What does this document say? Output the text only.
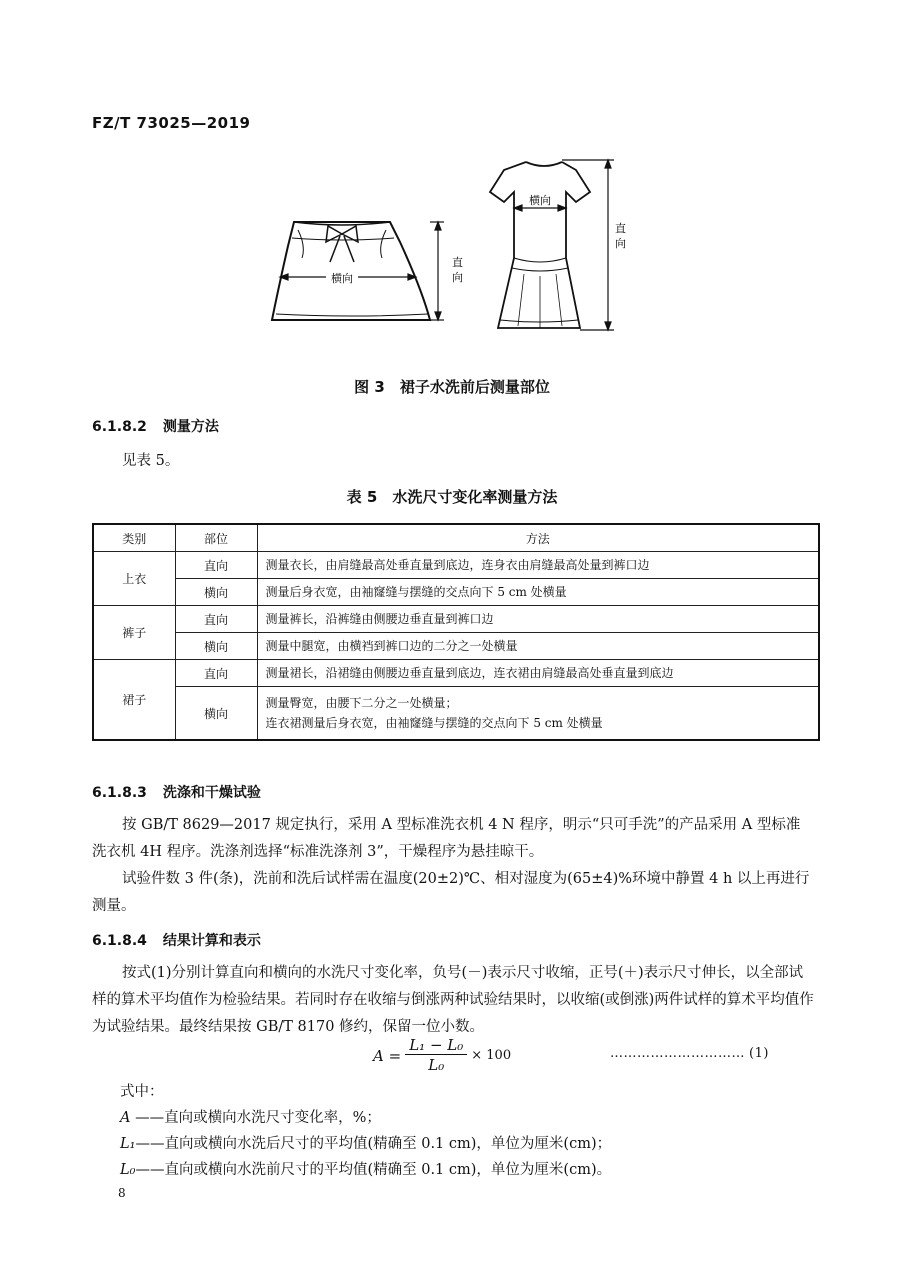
FZ/T 73025—2019
横向
直
向
横向
直
向
图 3　裙子水洗前后测量部位
6.1.8.2 测量方法
见表 5。
表 5　水洗尺寸变化率测量方法
类别	部位	方法
上衣	直向	测量衣长，由肩缝最高处垂直量到底边，连身衣由肩缝最高处量到裤口边
	横向	测量后身衣宽，由袖窿缝与摆缝的交点向下 5 cm 处横量
裤子	直向	测量裤长，沿裤缝由侧腰边垂直量到裤口边
	横向	测量中腿宽，由横裆到裤口边的二分之一处横量
裙子	直向	测量裙长，沿裙缝由侧腰边垂直量到底边，连衣裙由肩缝最高处垂直量到底边
	横向	测量臀宽，由腰下二分之一处横量；
连衣裙测量后身衣宽，由袖窿缝与摆缝的交点向下 5 cm 处横量
6.1.8.3 洗涤和干燥试验
按 GB/T 8629—2017 规定执行，采用 A 型标准洗衣机 4 N 程序，明示“只可手洗”的产品采用 A 型标准洗衣机 4H 程序。洗涤剂选择“标准洗涤剂 3”，干燥程序为悬挂晾干。
试验件数 3 件(条)，洗前和洗后试样需在温度(20±2)℃、相对湿度为(65±4)%环境中静置 4 h 以上再进行测量。
6.1.8.4 结果计算和表示
按式(1)分别计算直向和横向的水洗尺寸变化率，负号(－)表示尺寸收缩，正号(＋)表示尺寸伸长，以全部试样的算术平均值作为检验结果。若同时存在收缩与倒涨两种试验结果时，以收缩(或倒涨)两件试样的算术平均值作为试验结果。最终结果按 GB/T 8170 修约，保留一位小数。
A =	L₁ − L₀	× 100
L₀
………………………… (1)
式中：
A ——直向或横向水洗尺寸变化率，%；
L₁——直向或横向水洗后尺寸的平均值(精确至 0.1 cm)，单位为厘米(cm)；
L₀——直向或横向水洗前尺寸的平均值(精确至 0.1 cm)，单位为厘米(cm)。
8
